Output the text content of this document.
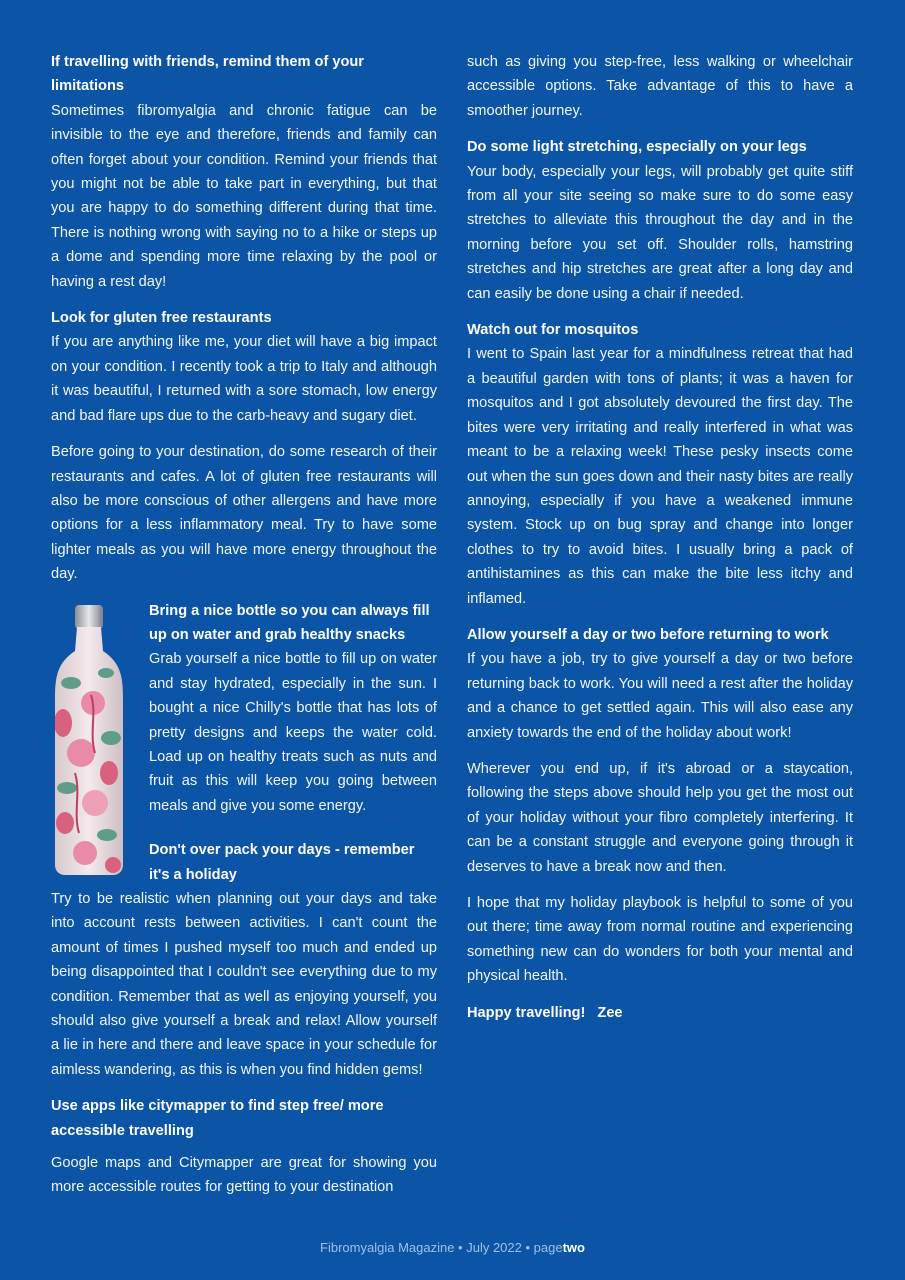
If travelling with friends, remind them of your limitations

Sometimes fibromyalgia and chronic fatigue can be invisible to the eye and therefore, friends and family can often forget about your condition. Remind your friends that you might not be able to take part in everything, but that you are happy to do something different during that time. There is nothing wrong with saying no to a hike or steps up a dome and spending more time relaxing by the pool or having a rest day!

Look for gluten free restaurants

If you are anything like me, your diet will have a big impact on your condition. I recently took a trip to Italy and although it was beautiful, I returned with a sore stomach, low energy and bad flare ups due to the carb-heavy and sugary diet.

Before going to your destination, do some research of their restaurants and cafes. A lot of gluten free restaurants will also be more conscious of other allergens and have more options for a less inflammatory meal. Try to have some lighter meals as you will have more energy throughout the day.

Bring a nice bottle so you can always fill up on water and grab healthy snacks

Grab yourself a nice bottle to fill up on water and stay hydrated, especially in the sun. I bought a nice Chilly's bottle that has lots of pretty designs and keeps the water cold. Load up on healthy treats such as nuts and fruit as this will keep you going between meals and give you some energy.

Don't over pack your days - remember it's a holiday

Try to be realistic when planning out your days and take into account rests between activities. I can't count the amount of times I pushed myself too much and ended up being disappointed that I couldn't see everything due to my condition. Remember that as well as enjoying yourself, you should also give yourself a break and relax! Allow yourself a lie in here and there and leave space in your schedule for aimless wandering, as this is when you find hidden gems!

Use apps like citymapper to find step free/ more accessible travelling

Google maps and Citymapper are great for showing you more accessible routes for getting to your destination

such as giving you step-free, less walking or wheelchair accessible options. Take advantage of this to have a smoother journey.

Do some light stretching, especially on your legs

Your body, especially your legs, will probably get quite stiff from all your site seeing so make sure to do some easy stretches to alleviate this throughout the day and in the morning before you set off. Shoulder rolls, hamstring stretches and hip stretches are great after a long day and can easily be done using a chair if needed.

Watch out for mosquitos

I went to Spain last year for a mindfulness retreat that had a beautiful garden with tons of plants; it was a haven for mosquitos and I got absolutely devoured the first day. The bites were very irritating and really interfered in what was meant to be a relaxing week! These pesky insects come out when the sun goes down and their nasty bites are really annoying, especially if you have a weakened immune system. Stock up on bug spray and change into longer clothes to try to avoid bites. I usually bring a pack of antihistamines as this can make the bite less itchy and inflamed.

Allow yourself a day or two before returning to work

If you have a job, try to give yourself a day or two before returning back to work. You will need a rest after the holiday and a chance to get settled again. This will also ease any anxiety towards the end of the holiday about work!

Wherever you end up, if it's abroad or a staycation, following the steps above should help you get the most out of your holiday without your fibro completely interfering. It can be a constant struggle and everyone going through it deserves to have a break now and then.

I hope that my holiday playbook is helpful to some of you out there; time away from normal routine and experiencing something new can do wonders for both your mental and physical health.

Happy travelling! Zee
Fibromyalgia Magazine • July 2022 • pagetwo
